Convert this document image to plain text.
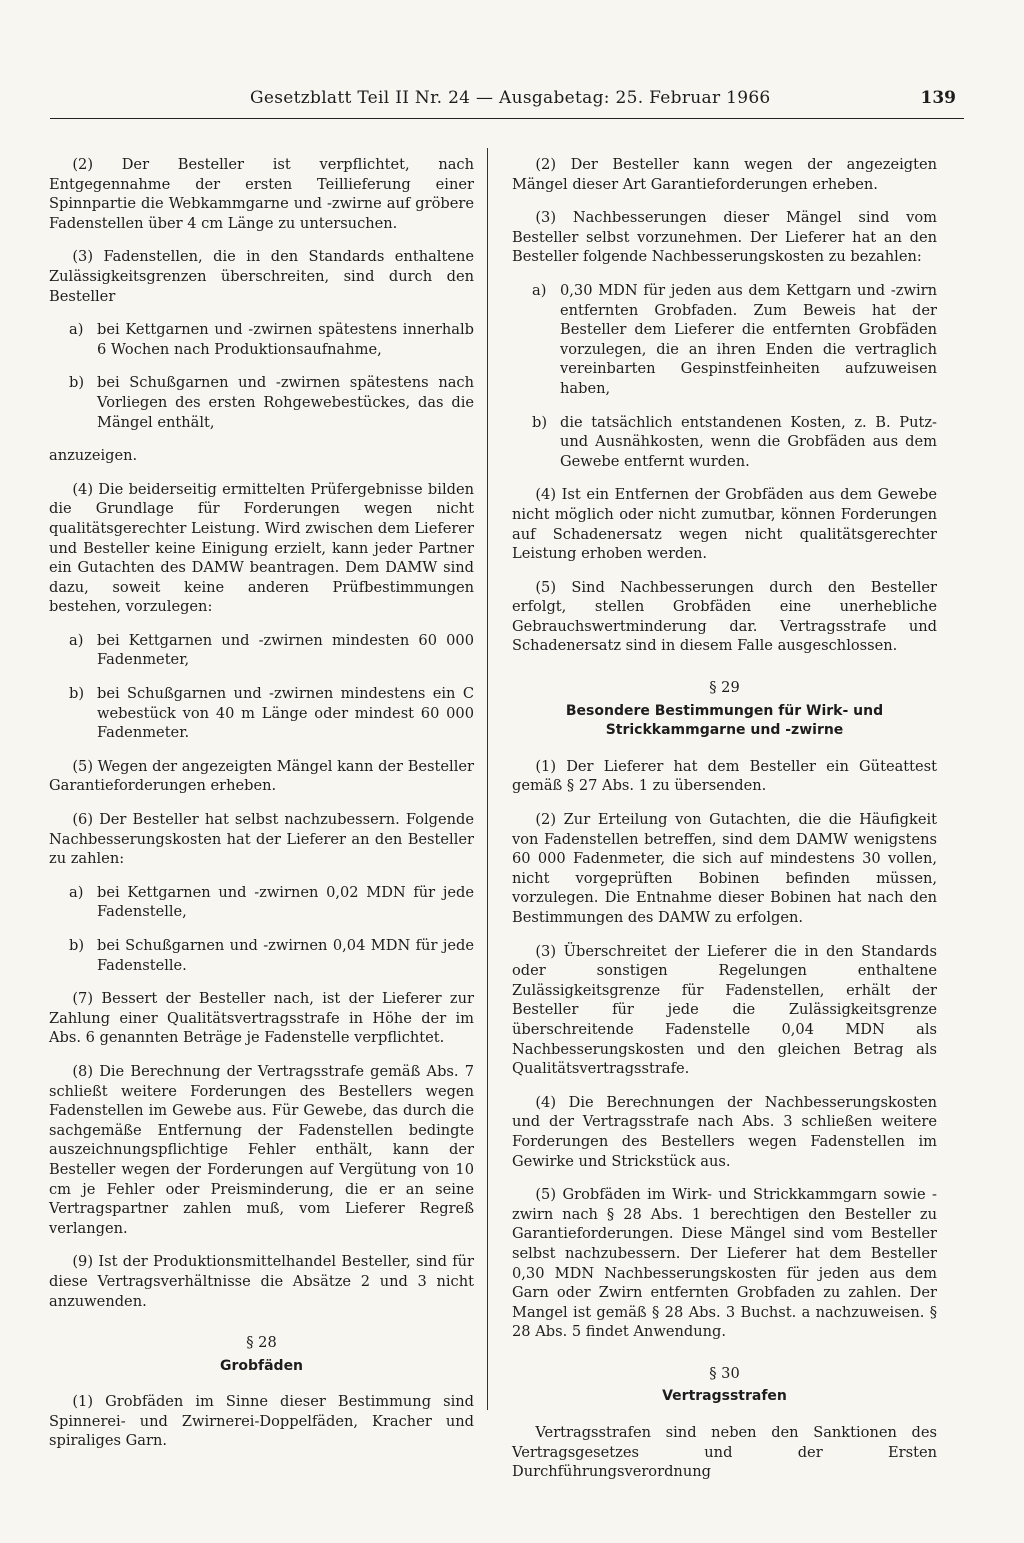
Gesetzblatt Teil II Nr. 24 — Ausgabetag: 25. Februar 1966	139

(2) Der Besteller ist verpflichtet, nach Entgegennahme der ersten Teillieferung einer Spinnpartie die Webkammgarne und -zwirne auf gröbere Fadenstellen über 4 cm Länge zu untersuchen.

(3) Fadenstellen, die in den Standards enthaltene Zulässigkeitsgrenzen überschreiten, sind durch den Besteller

a) bei Kettgarnen und -zwirnen spätestens innerhalb 6 Wochen nach Produktionsaufnahme,
b) bei Schußgarnen und -zwirnen spätestens nach Vorliegen des ersten Rohgewebestückes, das die Mängel enthält,

anzuzeigen.

(4) Die beiderseitig ermittelten Prüfergebnisse bilden die Grundlage für Forderungen wegen nicht qualitätsgerechter Leistung. Wird zwischen dem Lieferer und Besteller keine Einigung erzielt, kann jeder Partner ein Gutachten des DAMW beantragen. Dem DAMW sind dazu, soweit keine anderen Prüfbestimmungen bestehen, vorzulegen:

a) bei Kettgarnen und -zwirnen mindesten 60 000 Fadenmeter,
b) bei Schußgarnen und -zwirnen mindestens ein C webestück von 40 m Länge oder mindest 60 000 Fadenmeter.

(5) Wegen der angezeigten Mängel kann der Besteller Garantieforderungen erheben.

(6) Der Besteller hat selbst nachzubessern. Folgende Nachbesserungskosten hat der Lieferer an den Besteller zu zahlen:

a) bei Kettgarnen und -zwirnen 0,02 MDN für jede Fadenstelle,
b) bei Schußgarnen und -zwirnen 0,04 MDN für jede Fadenstelle.

(7) Bessert der Besteller nach, ist der Lieferer zur Zahlung einer Qualitätsvertragsstrafe in Höhe der im Abs. 6 genannten Beträge je Fadenstelle verpflichtet.

(8) Die Berechnung der Vertragsstrafe gemäß Abs. 7 schließt weitere Forderungen des Bestellers wegen Fadenstellen im Gewebe aus. Für Gewebe, das durch die sachgemäße Entfernung der Fadenstellen bedingte auszeichnungspflichtige Fehler enthält, kann der Besteller wegen der Forderungen auf Vergütung von 10 cm je Fehler oder Preisminderung, die er an seine Vertragspartner zahlen muß, vom Lieferer Regreß verlangen.

(9) Ist der Produktionsmittelhandel Besteller, sind für diese Vertragsverhältnisse die Absätze 2 und 3 nicht anzuwenden.

§ 28
Grobfäden

(1) Grobfäden im Sinne dieser Bestimmung sind Spinnerei- und Zwirnerei-Doppelfäden, Kracher und spiraliges Garn.

(2) Der Besteller kann wegen der angezeigten Mängel dieser Art Garantieforderungen erheben.

(3) Nachbesserungen dieser Mängel sind vom Besteller selbst vorzunehmen. Der Lieferer hat an den Besteller folgende Nachbesserungskosten zu bezahlen:

a) 0,30 MDN für jeden aus dem Kettgarn und -zwirn entfernten Grobfaden. Zum Beweis hat der Besteller dem Lieferer die entfernten Grobfäden vorzulegen, die an ihren Enden die vertraglich vereinbarten Gespinstfeinheiten aufzuweisen haben,
b) die tatsächlich entstandenen Kosten, z. B. Putz- und Ausnähkosten, wenn die Grobfäden aus dem Gewebe entfernt wurden.

(4) Ist ein Entfernen der Grobfäden aus dem Gewebe nicht möglich oder nicht zumutbar, können Forderungen auf Schadenersatz wegen nicht qualitätsgerechter Leistung erhoben werden.

(5) Sind Nachbesserungen durch den Besteller erfolgt, stellen Grobfäden eine unerhebliche Gebrauchswertminderung dar. Vertragsstrafe und Schadenersatz sind in diesem Falle ausgeschlossen.

§ 29
Besondere Bestimmungen für Wirk- und Strickkammgarne und -zwirne

(1) Der Lieferer hat dem Besteller ein Güteattest gemäß § 27 Abs. 1 zu übersenden.

(2) Zur Erteilung von Gutachten, die die Häufigkeit von Fadenstellen betreffen, sind dem DAMW wenigstens 60 000 Fadenmeter, die sich auf mindestens 30 vollen, nicht vorgeprüften Bobinen befinden müssen, vorzulegen. Die Entnahme dieser Bobinen hat nach den Bestimmungen des DAMW zu erfolgen.

(3) Überschreitet der Lieferer die in den Standards oder sonstigen Regelungen enthaltene Zulässigkeitsgrenze für Fadenstellen, erhält der Besteller für jede die Zulässigkeitsgrenze überschreitende Fadenstelle 0,04 MDN als Nachbesserungskosten und den gleichen Betrag als Qualitätsvertragsstrafe.

(4) Die Berechnungen der Nachbesserungskosten und der Vertragsstrafe nach Abs. 3 schließen weitere Forderungen des Bestellers wegen Fadenstellen im Gewirke und Strickstück aus.

(5) Grobfäden im Wirk- und Strickkammgarn sowie -zwirn nach § 28 Abs. 1 berechtigen den Besteller zu Garantieforderungen. Diese Mängel sind vom Besteller selbst nachzubessern. Der Lieferer hat dem Besteller 0,30 MDN Nachbesserungskosten für jeden aus dem Garn oder Zwirn entfernten Grobfaden zu zahlen. Der Mangel ist gemäß § 28 Abs. 3 Buchst. a nachzuweisen. § 28 Abs. 5 findet Anwendung.

§ 30
Vertragsstrafen

Vertragsstrafen sind neben den Sanktionen des Vertragsgesetzes und der Ersten Durchführungsverordnung
